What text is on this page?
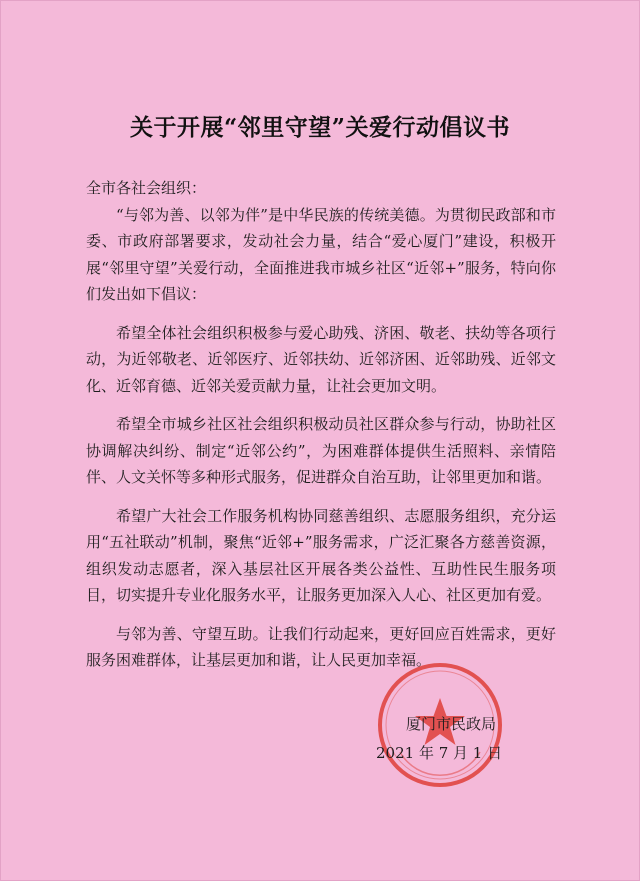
关于开展“邻里守望”关爱行动倡议书

全市各社会组织：

“与邻为善、以邻为伴”是中华民族的传统美德。为贯彻民政部和市委、市政府部署要求，发动社会力量，结合“爱心厦门”建设，积极开展“邻里守望”关爱行动，全面推进我市城乡社区“近邻+”服务，特向你们发出如下倡议：

希望全体社会组织积极参与爱心助残、济困、敬老、扶幼等各项行动，为近邻敬老、近邻医疗、近邻扶幼、近邻济困、近邻助残、近邻文化、近邻育德、近邻关爱贡献力量，让社会更加文明。

希望全市城乡社区社会组织积极动员社区群众参与行动，协助社区协调解决纠纷、制定“近邻公约”，为困难群体提供生活照料、亲情陪伴、人文关怀等多种形式服务，促进群众自治互助，让邻里更加和谐。

希望广大社会工作服务机构协同慈善组织、志愿服务组织，充分运用“五社联动”机制，聚焦“近邻+”服务需求，广泛汇聚各方慈善资源，组织发动志愿者，深入基层社区开展各类公益性、互助性民生服务项目，切实提升专业化服务水平，让服务更加深入人心、社区更加有爱。

与邻为善、守望互助。让我们行动起来，更好回应百姓需求，更好服务困难群体，让基层更加和谐，让人民更加幸福。

厦门市民政局
2021 年 7 月 1 日
